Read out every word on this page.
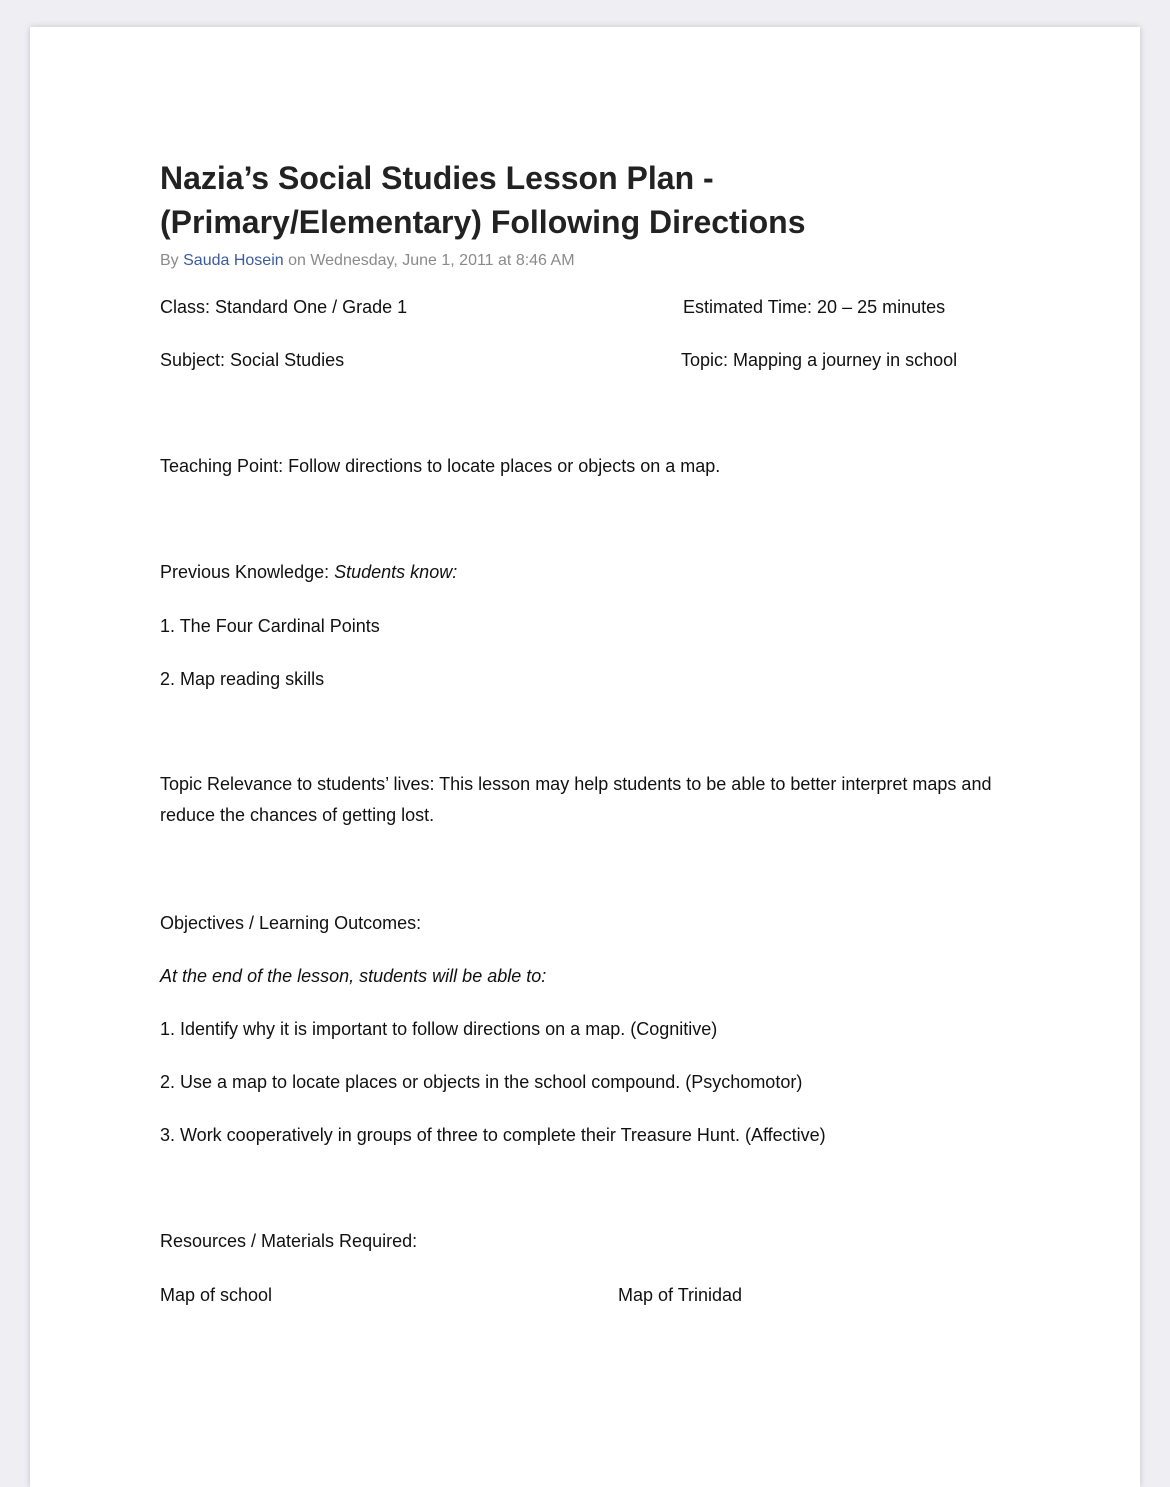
Nazia’s Social Studies Lesson Plan - (Primary/Elementary) Following Directions
By Sauda Hosein on Wednesday, June 1, 2011 at 8:46 AM
Class: Standard One / Grade 1	Estimated Time: 20 – 25 minutes
Subject: Social Studies	Topic: Mapping a journey in school
Teaching Point: Follow directions to locate places or objects on a map.
Previous Knowledge: Students know:
1. The Four Cardinal Points
2. Map reading skills
Topic Relevance to students’ lives: This lesson may help students to be able to better interpret maps and reduce the chances of getting lost.
Objectives / Learning Outcomes:
At the end of the lesson, students will be able to:
1. Identify why it is important to follow directions on a map. (Cognitive)
2. Use a map to locate places or objects in the school compound. (Psychomotor)
3. Work cooperatively in groups of three to complete their Treasure Hunt. (Affective)
Resources / Materials Required:
Map of school	Map of Trinidad
